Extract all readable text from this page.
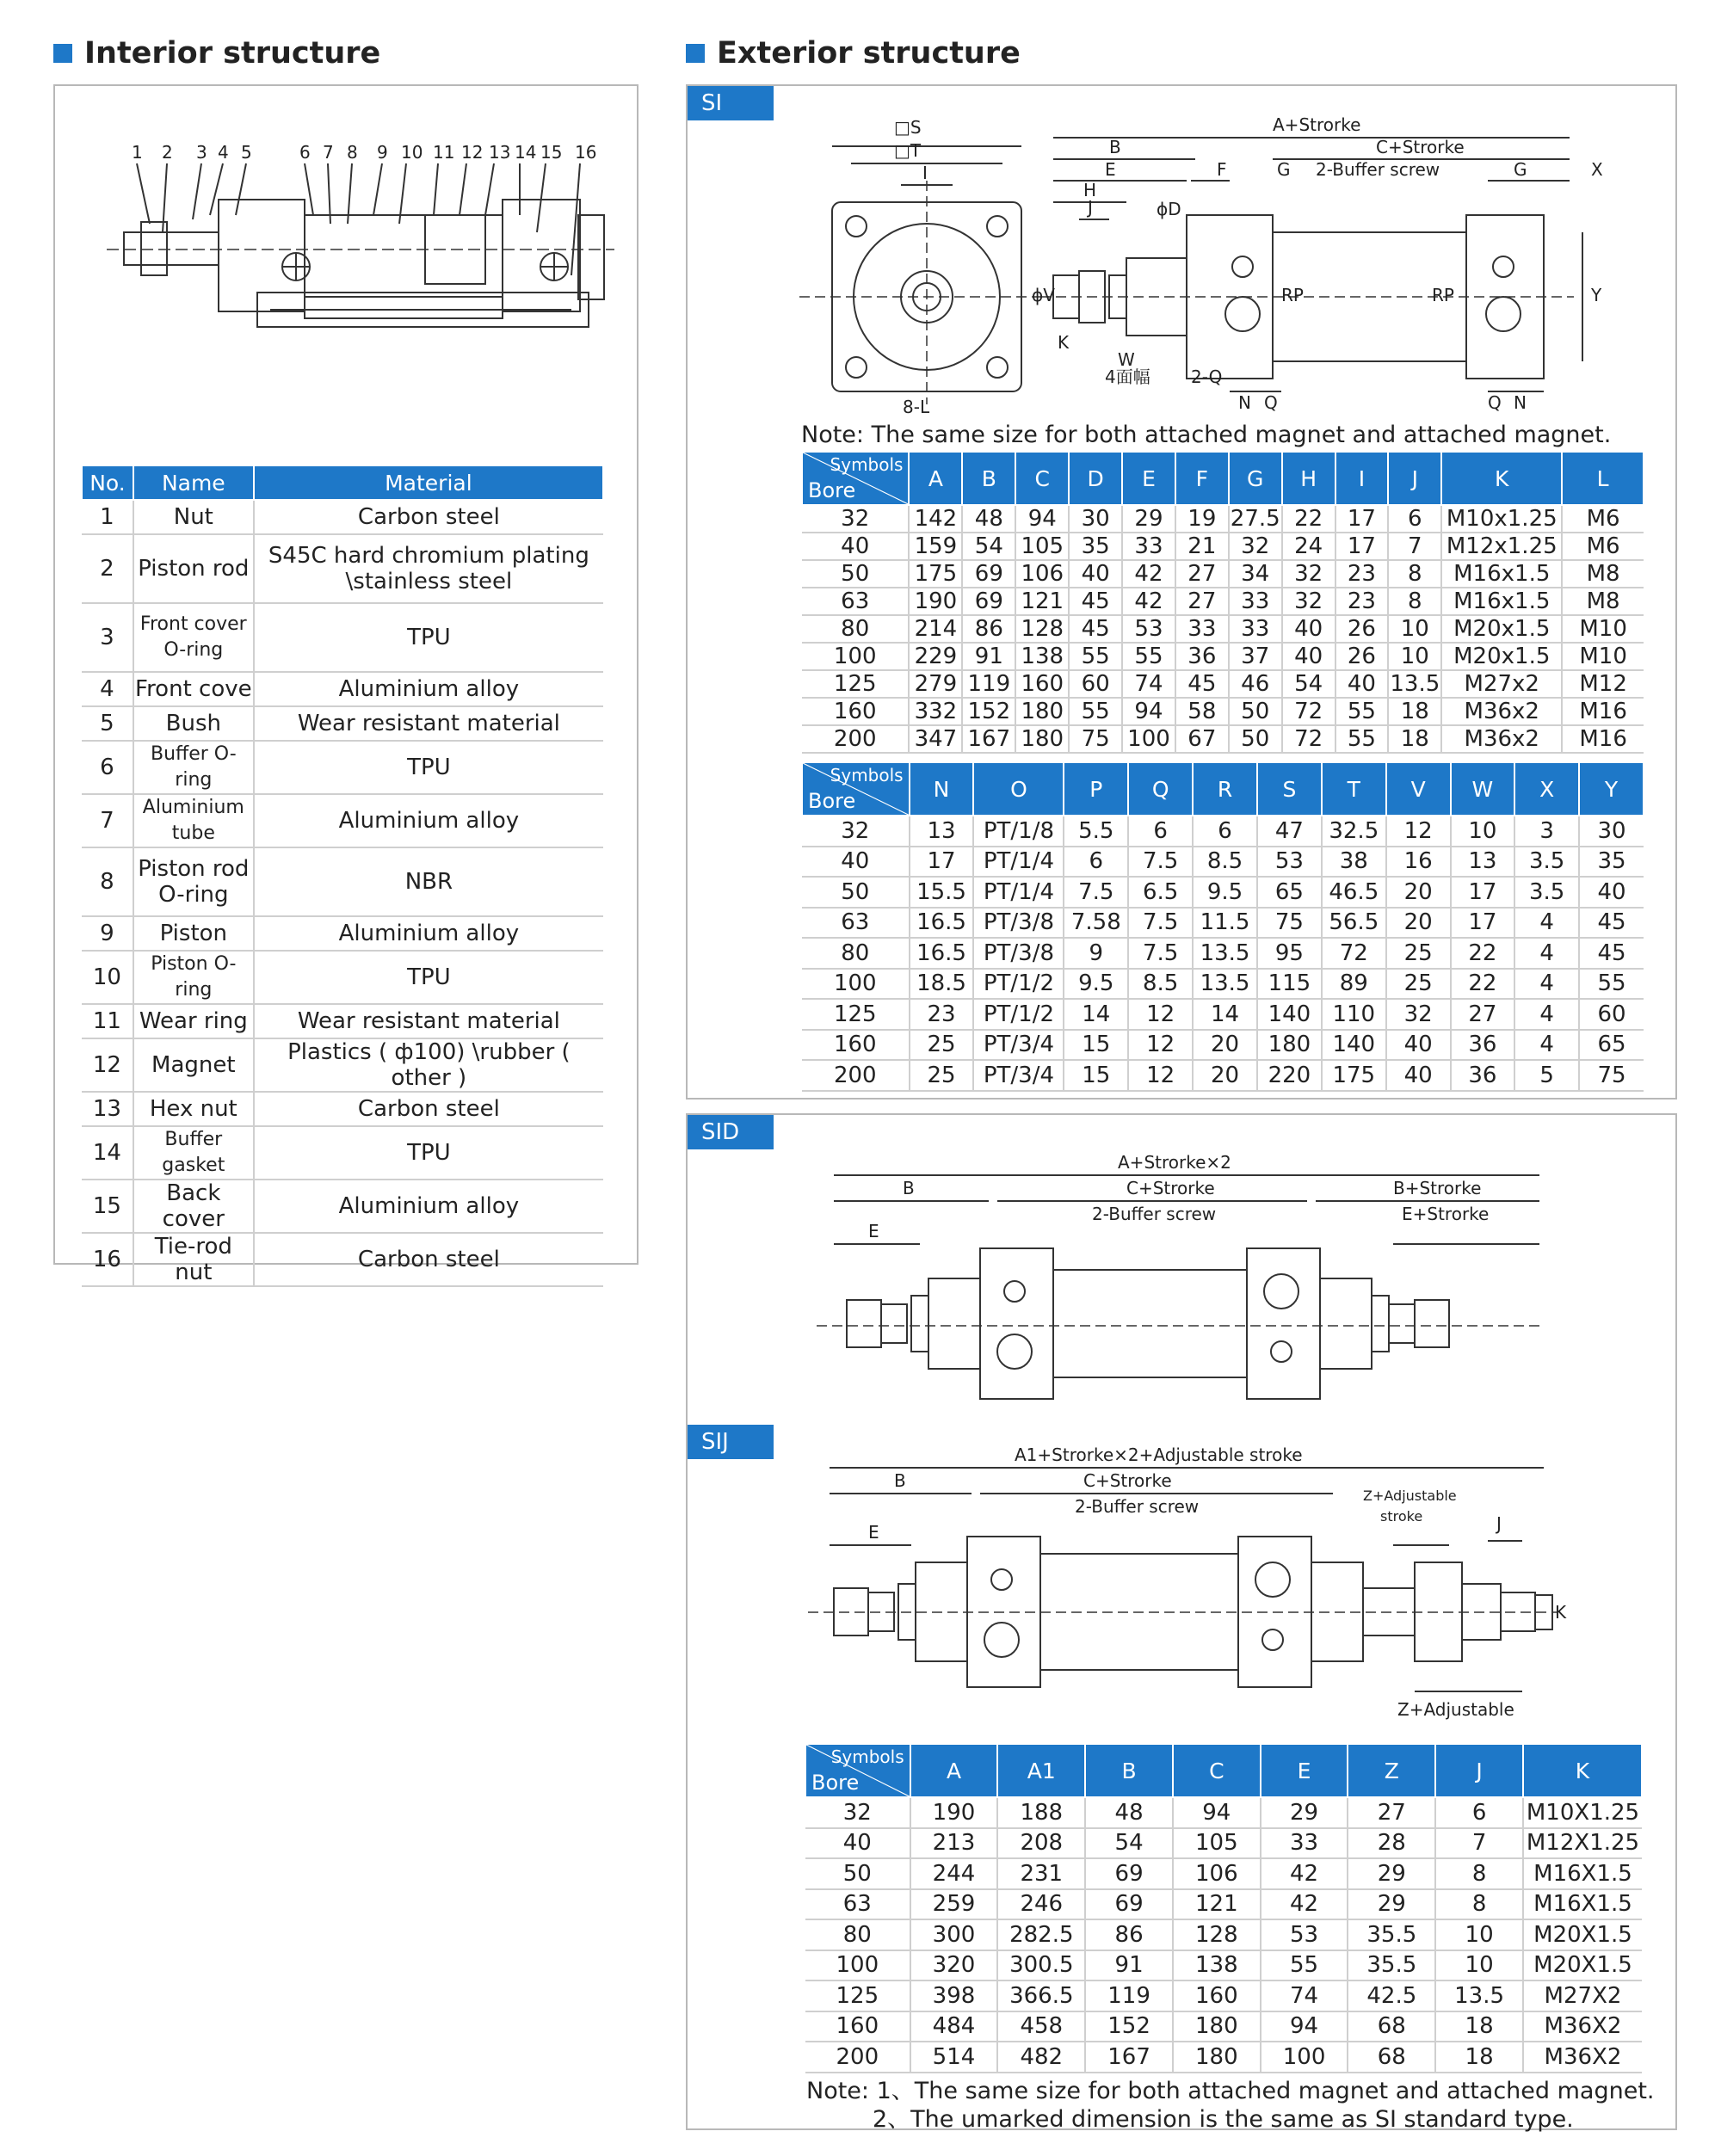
Interior structure
1 2 3 4 5	6 7 8 9 10 11 12 13 14 15 16
No.	Name	Material
1	Nut	Carbon steel
2	Piston rod	S45C hard chromium plating \stainless steel
3	Front cover O-ring	TPU
4	Front cove	Aluminium alloy
5	Bush	Wear resistant material
6	Buffer O-ring	TPU
7	Aluminium tube	Aluminium alloy
8	Piston rod O-ring	NBR
9	Piston	Aluminium alloy
10	Piston O-ring	TPU
11	Wear ring	Wear resistant material
12	Magnet	Plastics ( ф100) \rubber ( other )
13	Hex nut	Carbon steel
14	Buffer gasket	TPU
15	Back cover	Aluminium alloy
16	Tie-rod nut	Carbon steel
Exterior structure
SI
□S
□T
I
8-L
A+Strorke
B	C+Strorke
E	F	G	G
2-Buffer screw	X
H
J	ϕD
ϕV
K
W
4面幅 2-Q
RP	RP	Y
N Q	Q N
Note: The same size for both attached magnet and attached magnet.
Symbols
Bore	A	B	C	D	E	F	G	H	I	J	K	L
32	142	48	94	30	29	19	27.5	22	17	6	M10x1.25	M6
40	159	54	105	35	33	21	32	24	17	7	M12x1.25	M6
50	175	69	106	40	42	27	34	32	23	8	M16x1.5	M8
63	190	69	121	45	42	27	33	32	23	8	M16x1.5	M8
80	214	86	128	45	53	33	33	40	26	10	M20x1.5	M10
100	229	91	138	55	55	36	37	40	26	10	M20x1.5	M10
125	279	119	160	60	74	45	46	54	40	13.5	M27x2	M12
160	332	152	180	55	94	58	50	72	55	18	M36x2	M16
200	347	167	180	75	100	67	50	72	55	18	M36x2	M16
Symbols
Bore	N	O	P	Q	R	S	T	V	W	X	Y
32	13	PT/1/8	5.5	6	6	47	32.5	12	10	3	30
40	17	PT/1/4	6	7.5	8.5	53	38	16	13	3.5	35
50	15.5	PT/1/4	7.5	6.5	9.5	65	46.5	20	17	3.5	40
63	16.5	PT/3/8	7.58	7.5	11.5	75	56.5	20	17	4	45
80	16.5	PT/3/8	9	7.5	13.5	95	72	25	22	4	45
100	18.5	PT/1/2	9.5	8.5	13.5	115	89	25	22	4	55
125	23	PT/1/2	14	12	14	140	110	32	27	4	60
160	25	PT/3/4	15	12	20	180	140	40	36	4	65
200	25	PT/3/4	15	12	20	220	175	40	36	5	75
SID
A+Strorke×2
B	C+Strorke	B+Strorke
2-Buffer screw
E
E+Strorke
SIJ	A1+Strorke×2+Adjustable stroke
B	C+Strorke
2-Buffer screw
E
Z+Adjustable
stroke	J
K
Z+Adjustable
Symbols
Bore	A	A1	B	C	E	Z	J	K
32	190	188	48	94	29	27	6	M10X1.25
40	213	208	54	105	33	28	7	M12X1.25
50	244	231	69	106	42	29	8	M16X1.5
63	259	246	69	121	42	29	8	M16X1.5
80	300	282.5	86	128	53	35.5	10	M20X1.5
100	320	300.5	91	138	55	35.5	10	M20X1.5
125	398	366.5	119	160	74	42.5	13.5	M27X2
160	484	458	152	180	94	68	18	M36X2
200	514	482	167	180	100	68	18	M36X2
Note: 1、The same size for both attached magnet and attached magnet.
2、The umarked dimension is the same as SI standard type.
